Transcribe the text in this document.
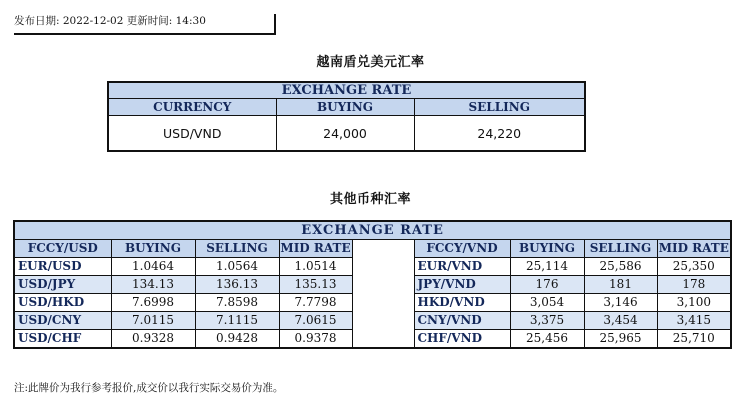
发布日期: 2022-12-02 更新时间: 14:30
越南盾兑美元汇率
EXCHANGE RATE		
CURRENCY	BUYING	SELLING
USD/VND	24,000	24,220
其他币种汇率
EXCHANGE RATE								
FCCY/USD	BUYING	SELLING	MID RATE		FCCY/VND	BUYING	SELLING	MID RATE
EUR/USD	1.0464	1.0564	1.0514		EUR/VND	25,114	25,586	25,350
USD/JPY	134.13	136.13	135.13		JPY/VND	176	181	178
USD/HKD	7.6998	7.8598	7.7798		HKD/VND	3,054	3,146	3,100
USD/CNY	7.0115	7.1115	7.0615		CNY/VND	3,375	3,454	3,415
USD/CHF	0.9328	0.9428	0.9378		CHF/VND	25,456	25,965	25,710
注:此牌价为我行参考报价,成交价以我行实际交易价为准。
